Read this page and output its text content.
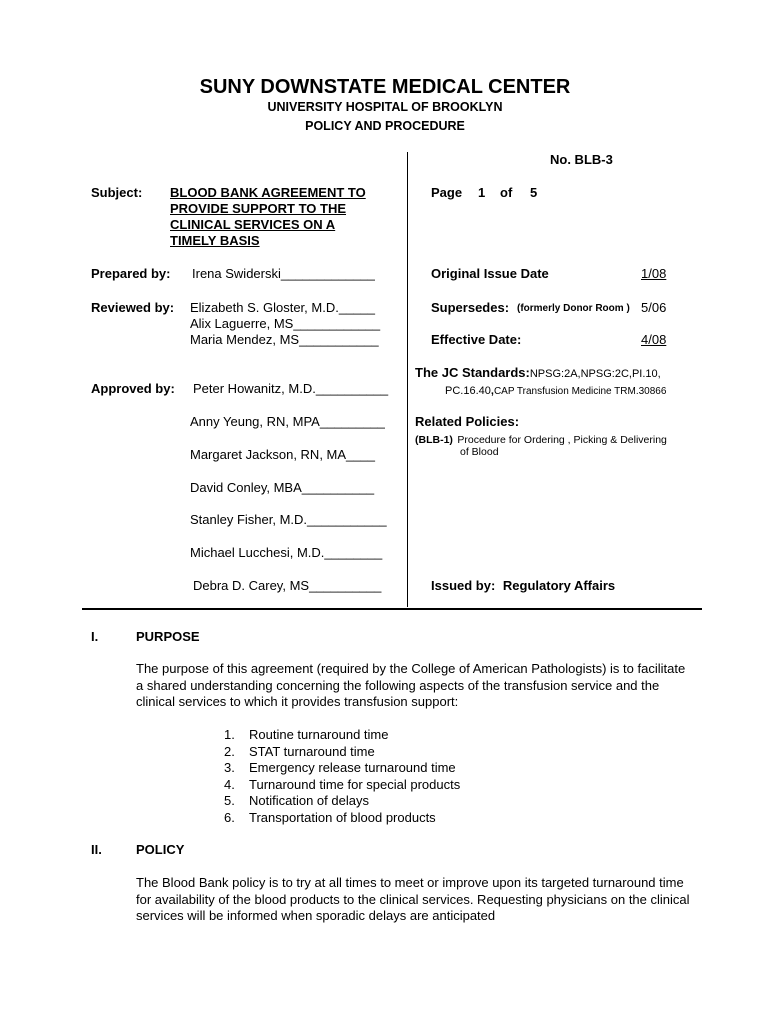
SUNY DOWNSTATE MEDICAL CENTER
UNIVERSITY HOSPITAL OF BROOKLYN
POLICY AND PROCEDURE
No. BLB-3
Subject: BLOOD BANK AGREEMENT TO
PROVIDE SUPPORT TO THE
CLINICAL SERVICES ON A
TIMELY BASIS
Page 1 of 5
Prepared by: Irena Swiderski_____________
Reviewed by: Elizabeth S. Gloster, M.D._____
Alix Laguerre, MS____________
Maria Mendez, MS___________
Approved by: Peter Howanitz, M.D.__________
Anny Yeung, RN, MPA_________
Margaret Jackson, RN, MA____
David Conley, MBA__________
Stanley Fisher, M.D.___________
Michael Lucchesi, M.D.________
Debra D. Carey, MS__________
Original Issue Date	1/08
Supersedes: (formerly Donor Room ) 5/06
Effective Date:	4/08
The JC Standards:NPSG:2A,NPSG:2C,PI.10,
PC.16.40,CAP Transfusion Medicine TRM.30866
Related Policies:
(BLB-1) Procedure for Ordering , Picking & Delivering
of Blood
Issued by: Regulatory Affairs
I.	PURPOSE
The purpose of this agreement (required by the College of American Pathologists) is to facilitate a shared understanding concerning the following aspects of the transfusion service and the clinical services to which it provides transfusion support:
1. Routine turnaround time
2. STAT turnaround time
3. Emergency release turnaround time
4. Turnaround time for special products
5. Notification of delays
6. Transportation of blood products
II.	POLICY
The Blood Bank policy is to try at all times to meet or improve upon its targeted turnaround time for availability of the blood products to the clinical services. Requesting physicians on the clinical services will be informed when sporadic delays are anticipated
